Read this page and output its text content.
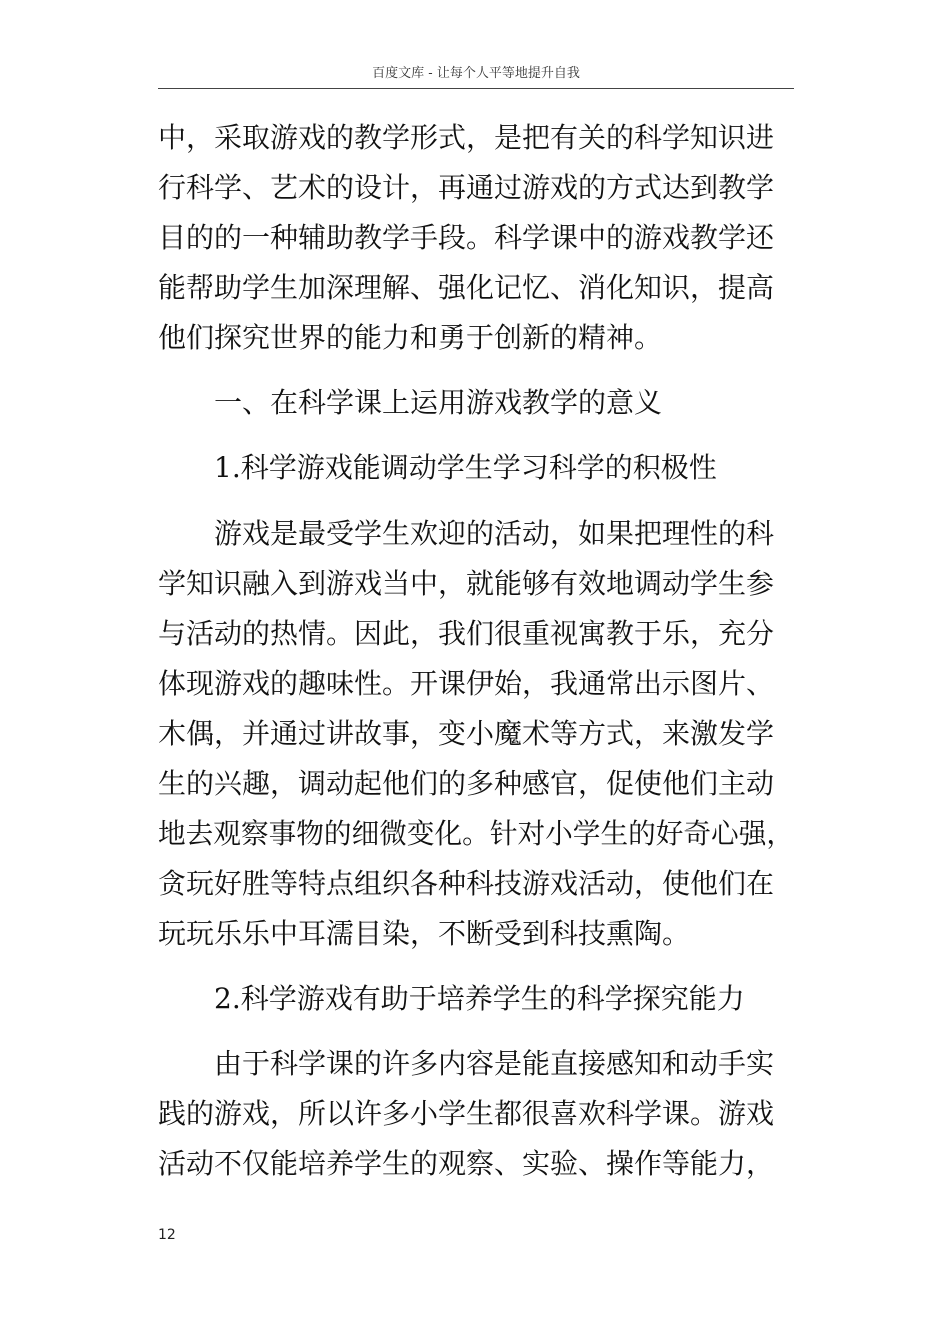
百度文库 - 让每个人平等地提升自我
中，采取游戏的教学形式，是把有关的科学知识进
行科学、艺术的设计，再通过游戏的方式达到教学
目的的一种辅助教学手段。科学课中的游戏教学还
能帮助学生加深理解、强化记忆、消化知识，提高
他们探究世界的能力和勇于创新的精神。
一、在科学课上运用游戏教学的意义
1.科学游戏能调动学生学习科学的积极性
游戏是最受学生欢迎的活动，如果把理性的科
学知识融入到游戏当中，就能够有效地调动学生参
与活动的热情。因此，我们很重视寓教于乐，充分
体现游戏的趣味性。开课伊始，我通常出示图片、
木偶，并通过讲故事，变小魔术等方式，来激发学
生的兴趣，调动起他们的多种感官，促使他们主动
地去观察事物的细微变化。针对小学生的好奇心强，
贪玩好胜等特点组织各种科技游戏活动，使他们在
玩玩乐乐中耳濡目染，不断受到科技熏陶。
2.科学游戏有助于培养学生的科学探究能力
由于科学课的许多内容是能直接感知和动手实
践的游戏，所以许多小学生都很喜欢科学课。游戏
活动不仅能培养学生的观察、实验、操作等能力，
12
